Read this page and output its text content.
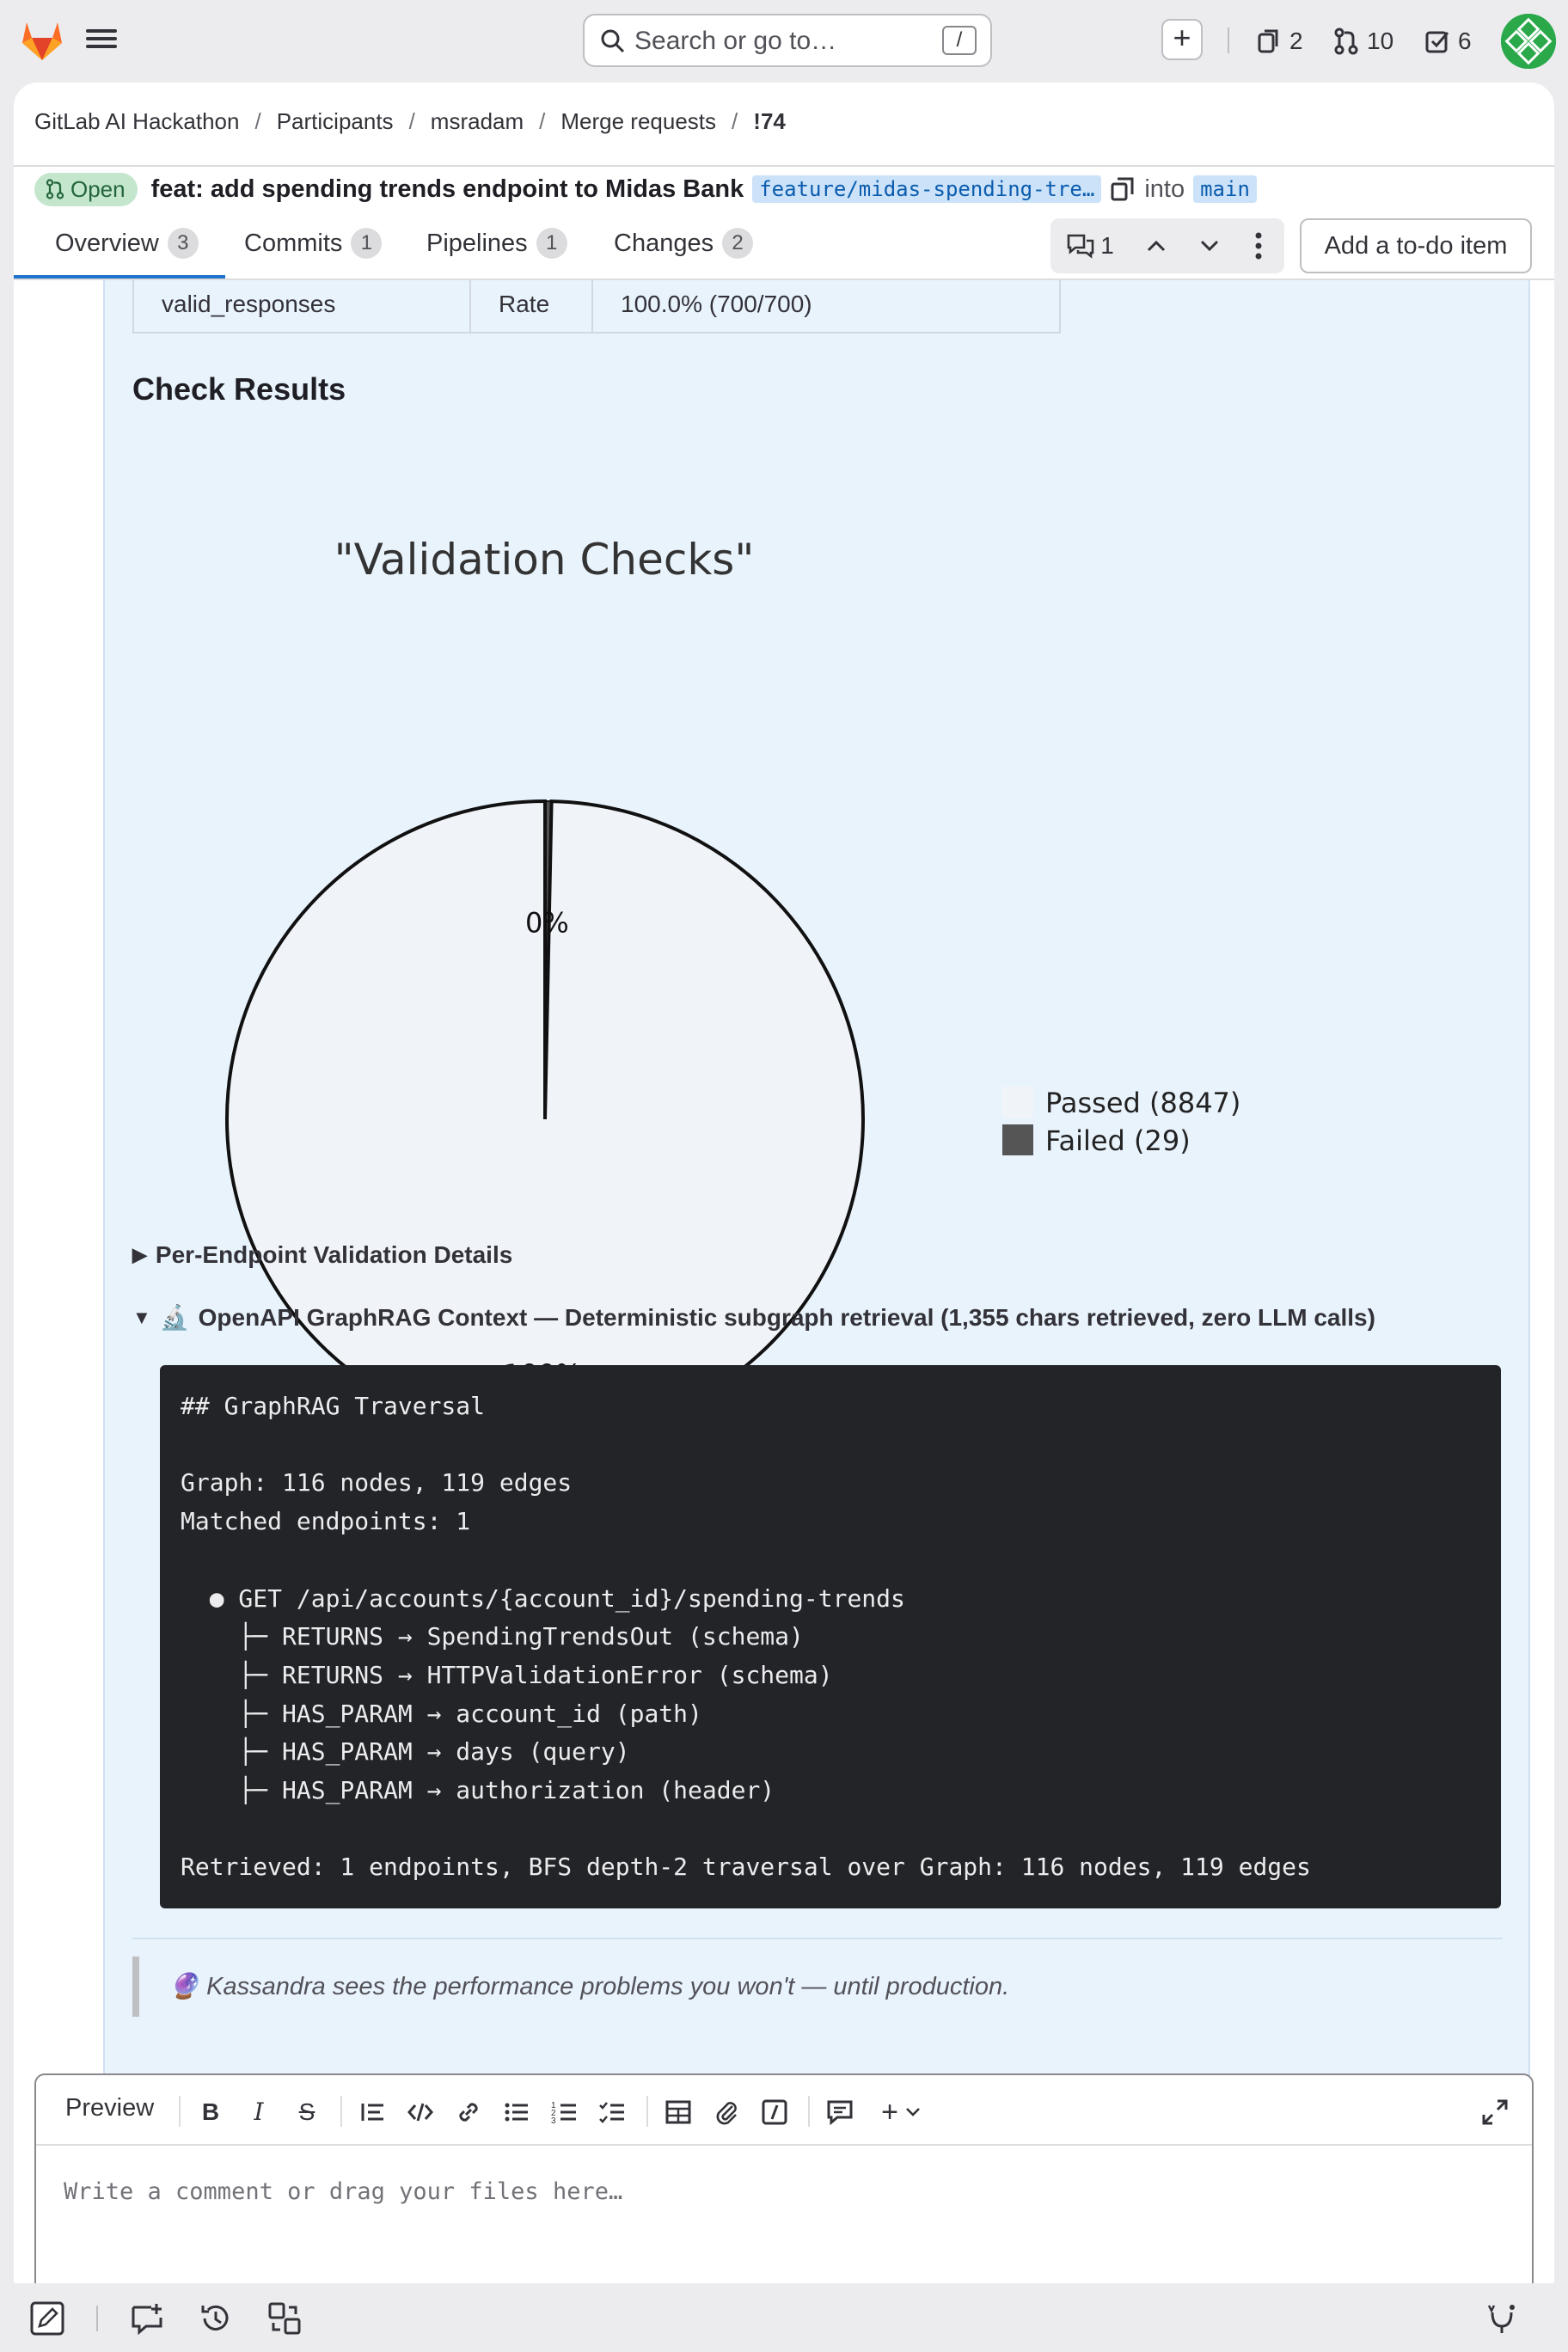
Search or go to…
/	+	2	10	6
GitLab AI Hackathon / Participants / msradam / Merge requests / !74
Open feat: add spending trends endpoint to Midas Bank feature/midas-spending-tre… into main
Overview 3	Commits 1	Pipelines 1	Changes 2	1	Add a to-do item
valid_responses	Rate	100.0% (700/700)
Check Results
"Validation Checks"
0%
Passed (8847)
Failed (29)
▶ Per-Endpoint Validation Details
▼ 🔬 OpenAPI GraphRAG Context — Deterministic subgraph retrieval (1,355 chars retrieved, zero LLM calls)
## GraphRAG Traversal

Graph: 116 nodes, 119 edges
Matched endpoints: 1

● GET /api/accounts/{account_id}/spending-trends
├─ RETURNS → SpendingTrendsOut (schema)
├─ RETURNS → HTTPValidationError (schema)
├─ HAS_PARAM → account_id (path)
├─ HAS_PARAM → days (query)
├─ HAS_PARAM → authorization (header)

Retrieved: 1 endpoints, BFS depth-2 traversal over Graph: 116 nodes, 119 edges
🔮 Kassandra sees the performance problems you won't — until production.
Preview B	I	S	1
2
3	+
Write a comment or drag your files here…
